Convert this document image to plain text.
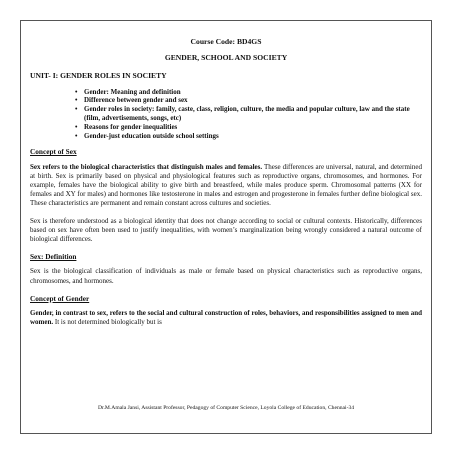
Course Code: BD4GS
GENDER, SCHOOL AND SOCIETY
UNIT- I: GENDER ROLES IN SOCIETY
• Gender: Meaning and definition
• Difference between gender and sex
• Gender roles in society: family, caste, class, religion, culture, the media and popular culture, law and the state (film, advertisements, songs, etc)
• Reasons for gender inequalities
• Gender-just education outside school settings
Concept of Sex

Sex refers to the biological characteristics that distinguish males and females. These differences are universal, natural, and determined at birth. Sex is primarily based on physical and physiological features such as reproductive organs, chromosomes, and hormones. For example, females have the biological ability to give birth and breastfeed, while males produce sperm. Chromosomal patterns (XX for females and XY for males) and hormones like testosterone in males and estrogen and progesterone in females further define biological sex. These characteristics are permanent and remain constant across cultures and societies.

Sex is therefore understood as a biological identity that does not change according to social or cultural contexts. Historically, differences based on sex have often been used to justify inequalities, with women’s marginalization being wrongly considered a natural outcome of biological differences.

Sex: Definition

Sex is the biological classification of individuals as male or female based on physical characteristics such as reproductive organs, chromosomes, and hormones.

Concept of Gender

Gender, in contrast to sex, refers to the social and cultural construction of roles, behaviors, and responsibilities assigned to men and women. It is not determined biologically but is

Dr.M.Amala Jansi, Assistant Professor, Pedagogy of Computer Science, Loyola College of Education, Chennai-34
